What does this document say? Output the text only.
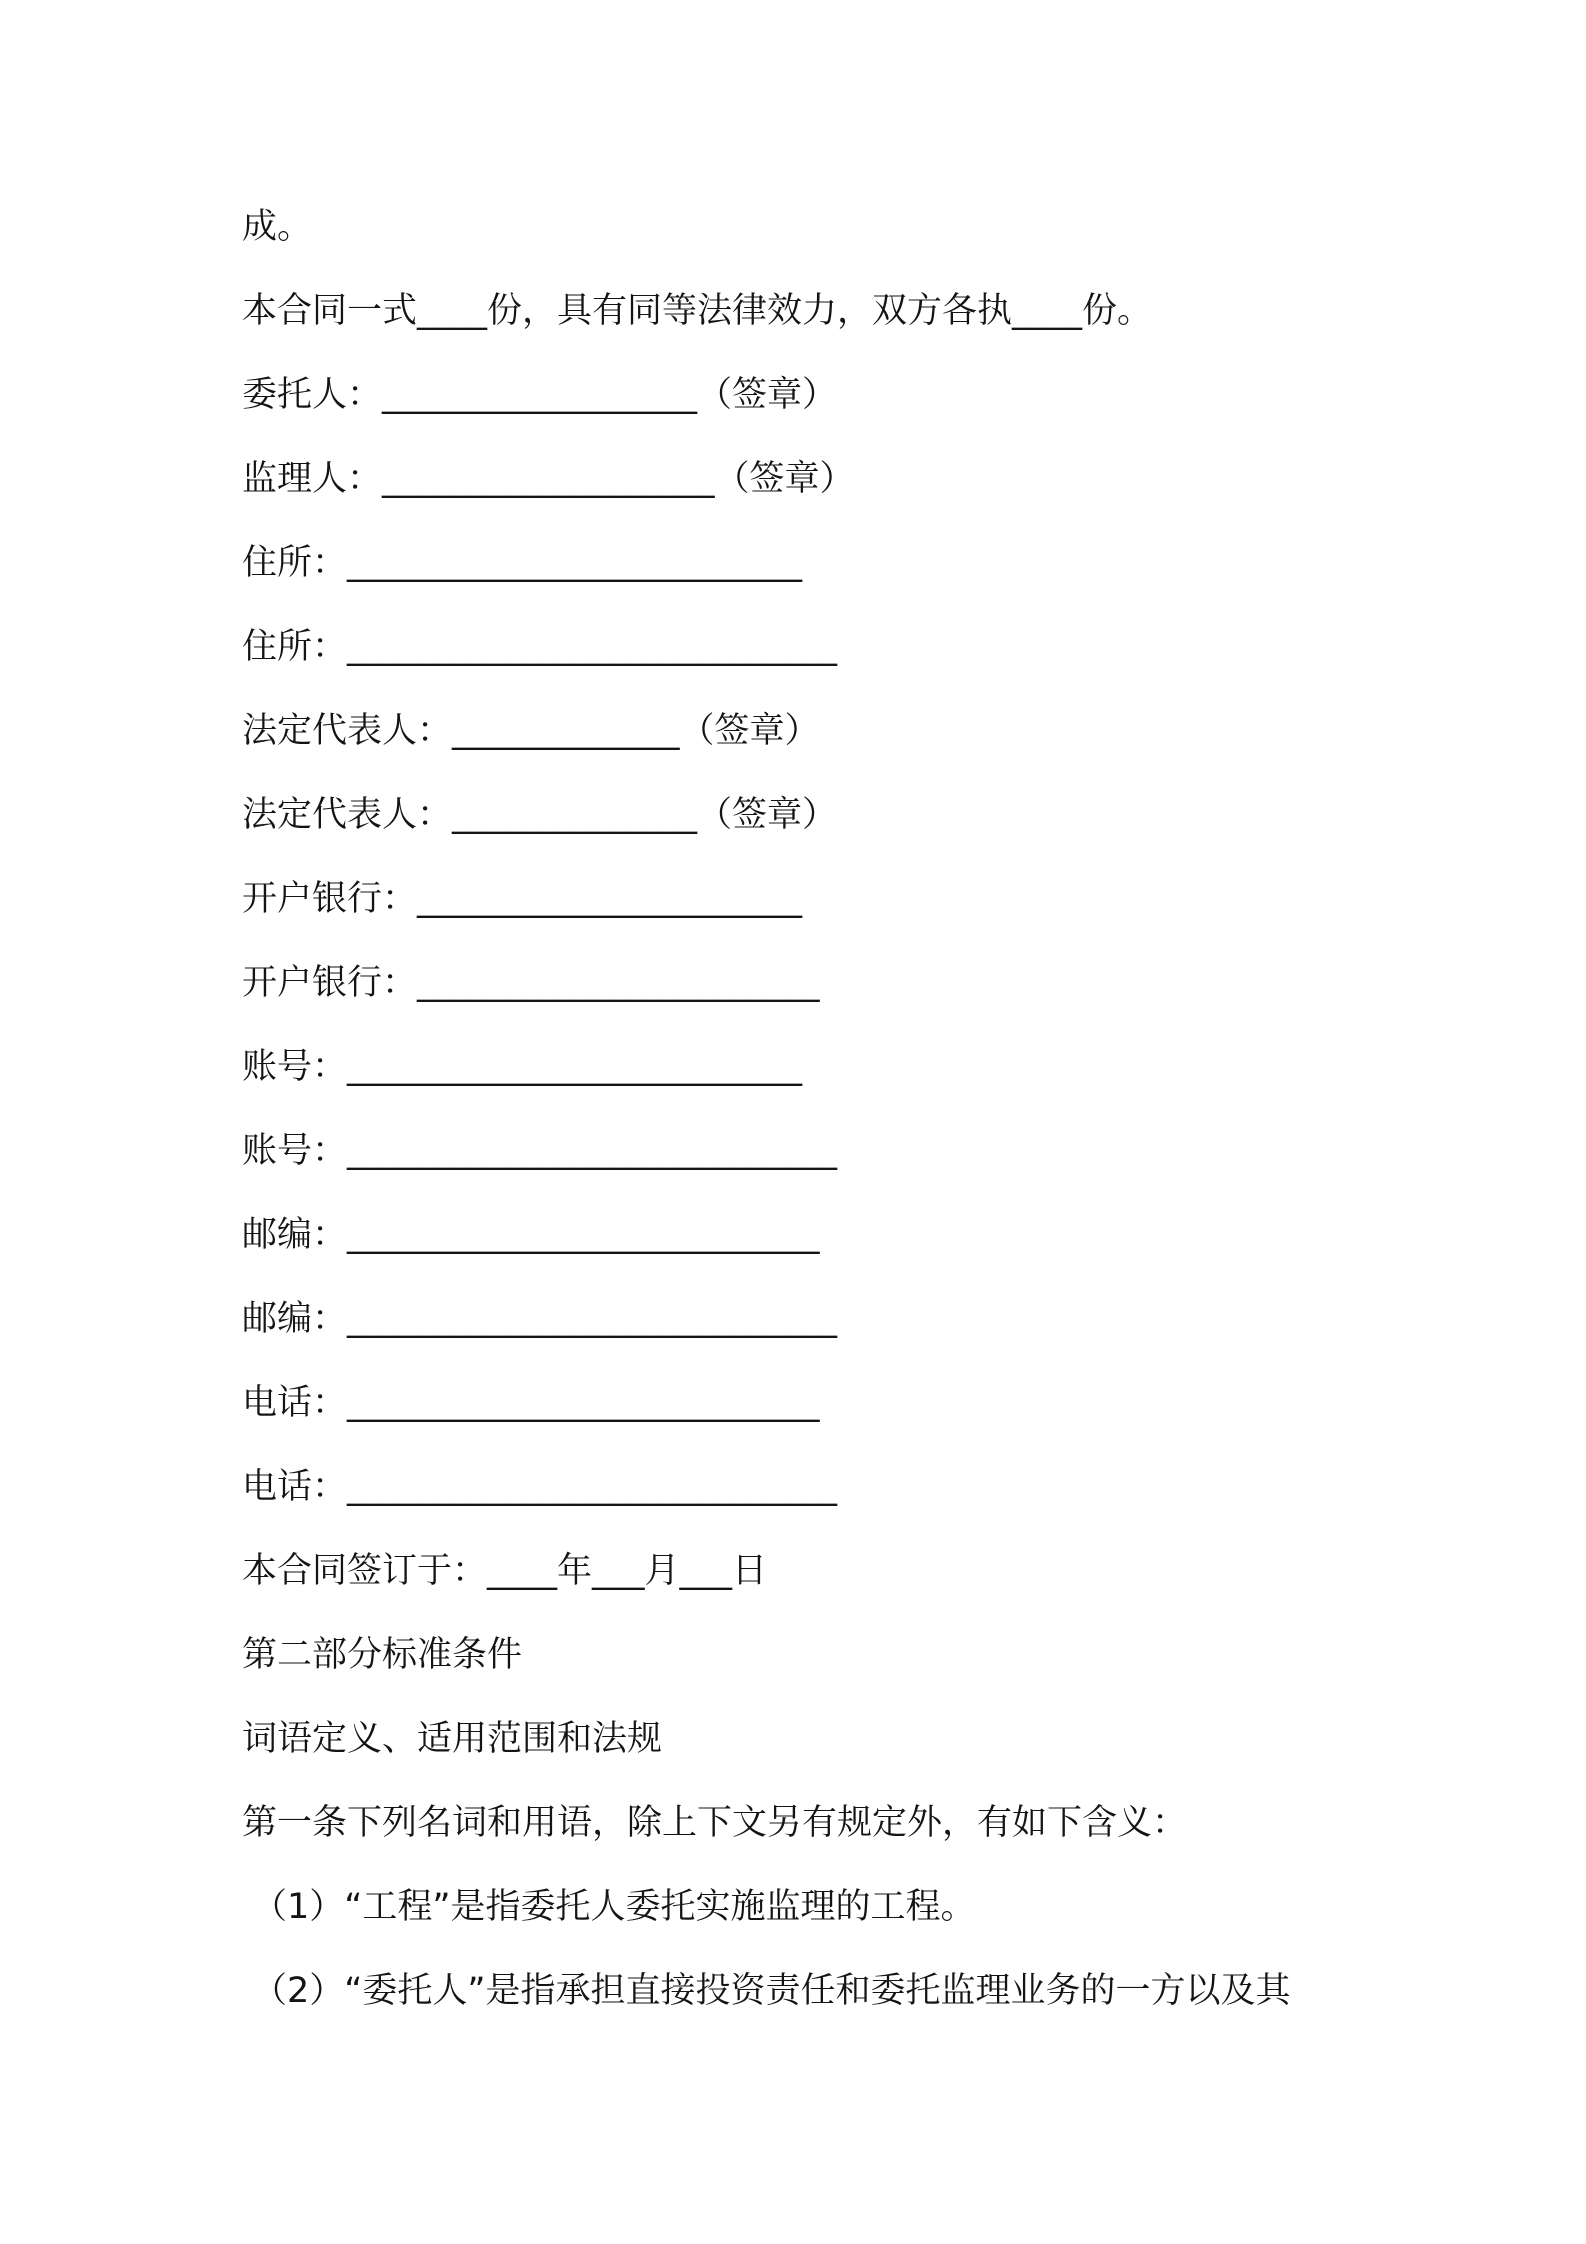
成。
本合同一式____份，具有同等法律效力，双方各执____份。
委托人：__________________（签章）
监理人：___________________（签章）
住所：__________________________
住所：____________________________
法定代表人：_____________（签章）
法定代表人：______________（签章）
开户银行：______________________
开户银行：_______________________
账号：__________________________
账号：____________________________
邮编：___________________________
邮编：____________________________
电话：___________________________
电话：____________________________
本合同签订于：____年___月___日
第二部分标准条件
词语定义、适用范围和法规
第一条下列名词和用语，除上下文另有规定外，有如下含义：
（1）“工程”是指委托人委托实施监理的工程。
（2）“委托人”是指承担直接投资责任和委托监理业务的一方以及其
